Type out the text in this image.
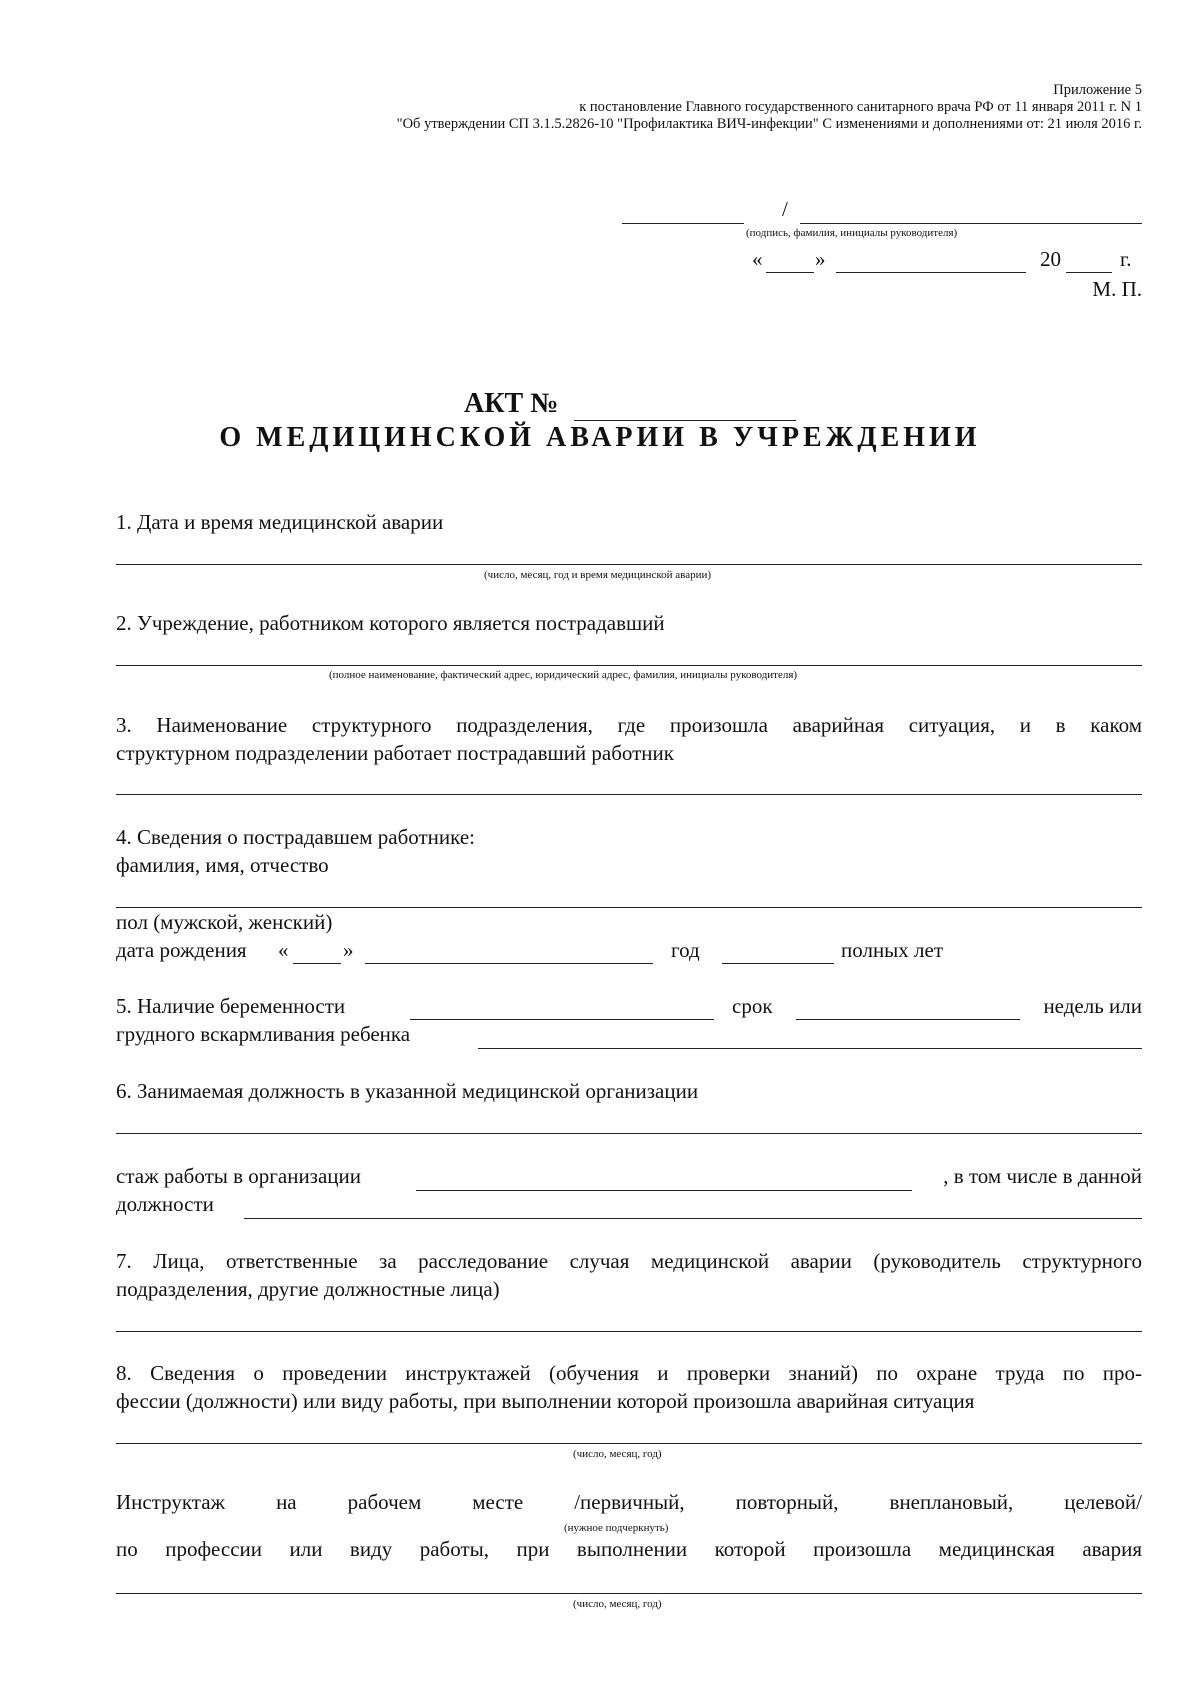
Приложение 5
к постановление Главного государственного санитарного врача РФ от 11 января 2011 г. N 1
"Об утверждении СП 3.1.5.2826-10 "Профилактика ВИЧ-инфекции" С изменениями и дополнениями от: 21 июля 2016 г.
/
(подпись, фамилия, инициалы руководителя)
«	»	20	г.
М. П.
АКТ №
О МЕДИЦИНСКОЙ АВАРИИ В УЧРЕЖДЕНИИ
1. Дата и время медицинской аварии
(число, месяц, год и время медицинской аварии)
2. Учреждение, работником которого является пострадавший
(полное наименование, фактический адрес, юридический адрес, фамилия, инициалы руководителя)
3. Наименование структурного подразделения, где произошла аварийная ситуация, и в каком
структурном подразделении работает пострадавший работник
4. Сведения о пострадавшем работнике:
фамилия, имя, отчество
пол (мужской, женский)
дата рождения «	»	год	полных лет
5. Наличие беременности	срок	недель или
грудного вскармливания ребенка
6. Занимаемая должность в указанной медицинской организации
стаж работы в организации	, в том числе в данной
должности
7. Лица, ответственные за расследование случая медицинской аварии (руководитель структурного
подразделения, другие должностные лица)
8. Сведения о проведении инструктажей (обучения и проверки знаний) по охране труда по про-
фессии (должности) или виду работы, при выполнении которой произошла аварийная ситуация
(число, месяц, год)
Инструктаж на рабочем месте /первичный, повторный, внеплановый, целевой/
(нужное подчеркнуть)
по профессии или виду работы, при выполнении которой произошла медицинская авария
(число, месяц, год)
